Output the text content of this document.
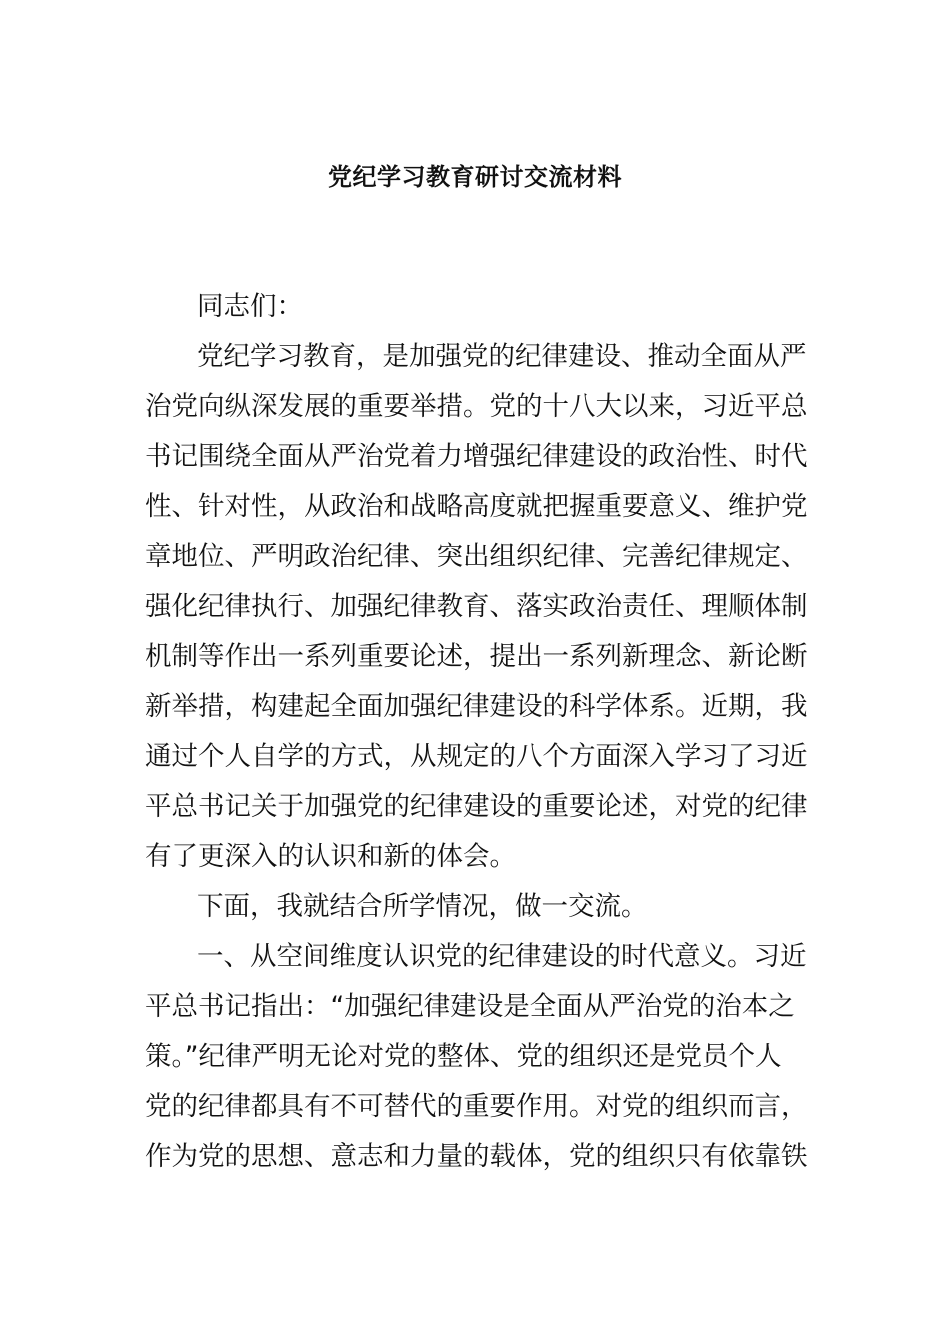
党纪学习教育研讨交流材料
同志们：
党纪学习教育，是加强党的纪律建设、推动全面从严
治党向纵深发展的重要举措。党的十八大以来，习近平总
书记围绕全面从严治党着力增强纪律建设的政治性、时代
性、针对性，从政治和战略高度就把握重要意义、维护党
章地位、严明政治纪律、突出组织纪律、完善纪律规定、
强化纪律执行、加强纪律教育、落实政治责任、理顺体制
机制等作出一系列重要论述，提出一系列新理念、新论断
新举措，构建起全面加强纪律建设的科学体系。近期，我
通过个人自学的方式，从规定的八个方面深入学习了习近
平总书记关于加强党的纪律建设的重要论述，对党的纪律
有了更深入的认识和新的体会。
下面，我就结合所学情况，做一交流。
一、从空间维度认识党的纪律建设的时代意义。习近
平总书记指出：“加强纪律建设是全面从严治党的治本之
策。”纪律严明无论对党的整体、党的组织还是党员个人
党的纪律都具有不可替代的重要作用。对党的组织而言，
作为党的思想、意志和力量的载体，党的组织只有依靠铁
